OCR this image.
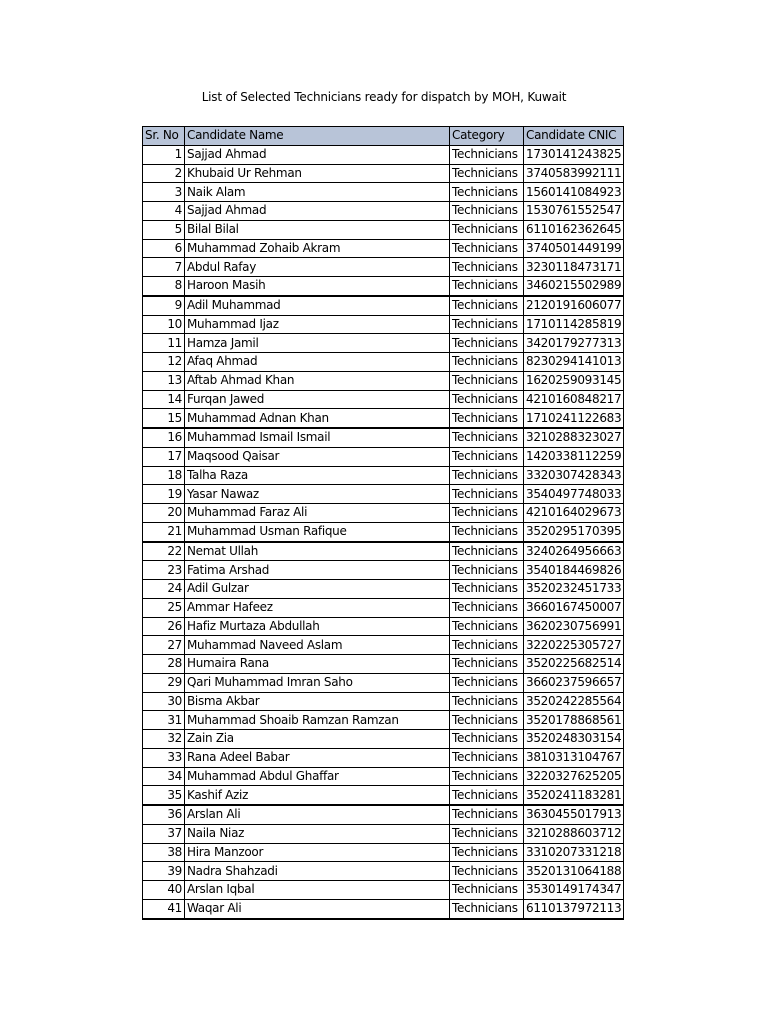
List of Selected Technicians ready for dispatch by MOH, Kuwait
Sr. No	Candidate Name	Category	Candidate CNIC
1	Sajjad Ahmad	Technicians	1730141243825
2	Khubaid Ur Rehman	Technicians	3740583992111
3	Naik Alam	Technicians	1560141084923
4	Sajjad Ahmad	Technicians	1530761552547
5	Bilal Bilal	Technicians	6110162362645
6	Muhammad Zohaib Akram	Technicians	3740501449199
7	Abdul Rafay	Technicians	3230118473171
8	Haroon Masih	Technicians	3460215502989
9	Adil Muhammad	Technicians	2120191606077
10	Muhammad Ijaz	Technicians	1710114285819
11	Hamza Jamil	Technicians	3420179277313
12	Afaq Ahmad	Technicians	8230294141013
13	Aftab Ahmad Khan	Technicians	1620259093145
14	Furqan Jawed	Technicians	4210160848217
15	Muhammad Adnan Khan	Technicians	1710241122683
16	Muhammad Ismail Ismail	Technicians	3210288323027
17	Maqsood Qaisar	Technicians	1420338112259
18	Talha Raza	Technicians	3320307428343
19	Yasar Nawaz	Technicians	3540497748033
20	Muhammad Faraz Ali	Technicians	4210164029673
21	Muhammad Usman Rafique	Technicians	3520295170395
22	Nemat Ullah	Technicians	3240264956663
23	Fatima Arshad	Technicians	3540184469826
24	Adil Gulzar	Technicians	3520232451733
25	Ammar Hafeez	Technicians	3660167450007
26	Hafiz Murtaza Abdullah	Technicians	3620230756991
27	Muhammad Naveed Aslam	Technicians	3220225305727
28	Humaira Rana	Technicians	3520225682514
29	Qari Muhammad Imran Saho	Technicians	3660237596657
30	Bisma Akbar	Technicians	3520242285564
31	Muhammad Shoaib Ramzan Ramzan	Technicians	3520178868561
32	Zain Zia	Technicians	3520248303154
33	Rana Adeel Babar	Technicians	3810313104767
34	Muhammad Abdul Ghaffar	Technicians	3220327625205
35	Kashif Aziz	Technicians	3520241183281
36	Arslan Ali	Technicians	3630455017913
37	Naila Niaz	Technicians	3210288603712
38	Hira Manzoor	Technicians	3310207331218
39	Nadra Shahzadi	Technicians	3520131064188
40	Arslan Iqbal	Technicians	3530149174347
41	Waqar Ali	Technicians	6110137972113
